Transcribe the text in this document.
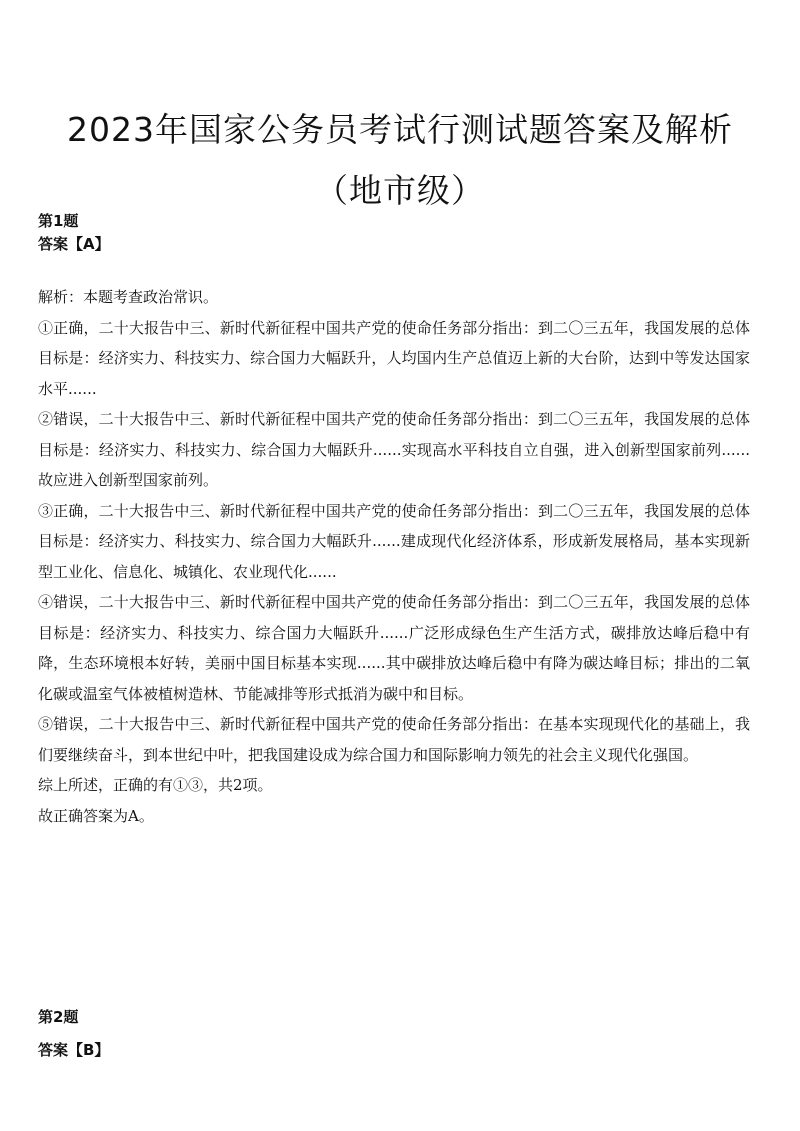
2023年国家公务员考试行测试题答案及解析
（地市级）
第1题
答案【A】

解析：本题考查政治常识。

①正确，二十大报告中三、新时代新征程中国共产党的使命任务部分指出：到二〇三五年，我国发展的总体目标是：经济实力、科技实力、综合国力大幅跃升，人均国内生产总值迈上新的大台阶，达到中等发达国家水平......

②错误，二十大报告中三、新时代新征程中国共产党的使命任务部分指出：到二〇三五年，我国发展的总体目标是：经济实力、科技实力、综合国力大幅跃升......实现高水平科技自立自强，进入创新型国家前列......故应进入创新型国家前列。

③正确，二十大报告中三、新时代新征程中国共产党的使命任务部分指出：到二〇三五年，我国发展的总体目标是：经济实力、科技实力、综合国力大幅跃升......建成现代化经济体系，形成新发展格局，基本实现新型工业化、信息化、城镇化、农业现代化......

④错误，二十大报告中三、新时代新征程中国共产党的使命任务部分指出：到二〇三五年，我国发展的总体目标是：经济实力、科技实力、综合国力大幅跃升......广泛形成绿色生产生活方式，碳排放达峰后稳中有降，生态环境根本好转，美丽中国目标基本实现......其中碳排放达峰后稳中有降为碳达峰目标；排出的二氧化碳或温室气体被植树造林、节能减排等形式抵消为碳中和目标。

⑤错误，二十大报告中三、新时代新征程中国共产党的使命任务部分指出：在基本实现现代化的基础上，我们要继续奋斗，到本世纪中叶，把我国建设成为综合国力和国际影响力领先的社会主义现代化强国。

综上所述，正确的有①③，共2项。

故正确答案为A。

第2题
答案【B】
